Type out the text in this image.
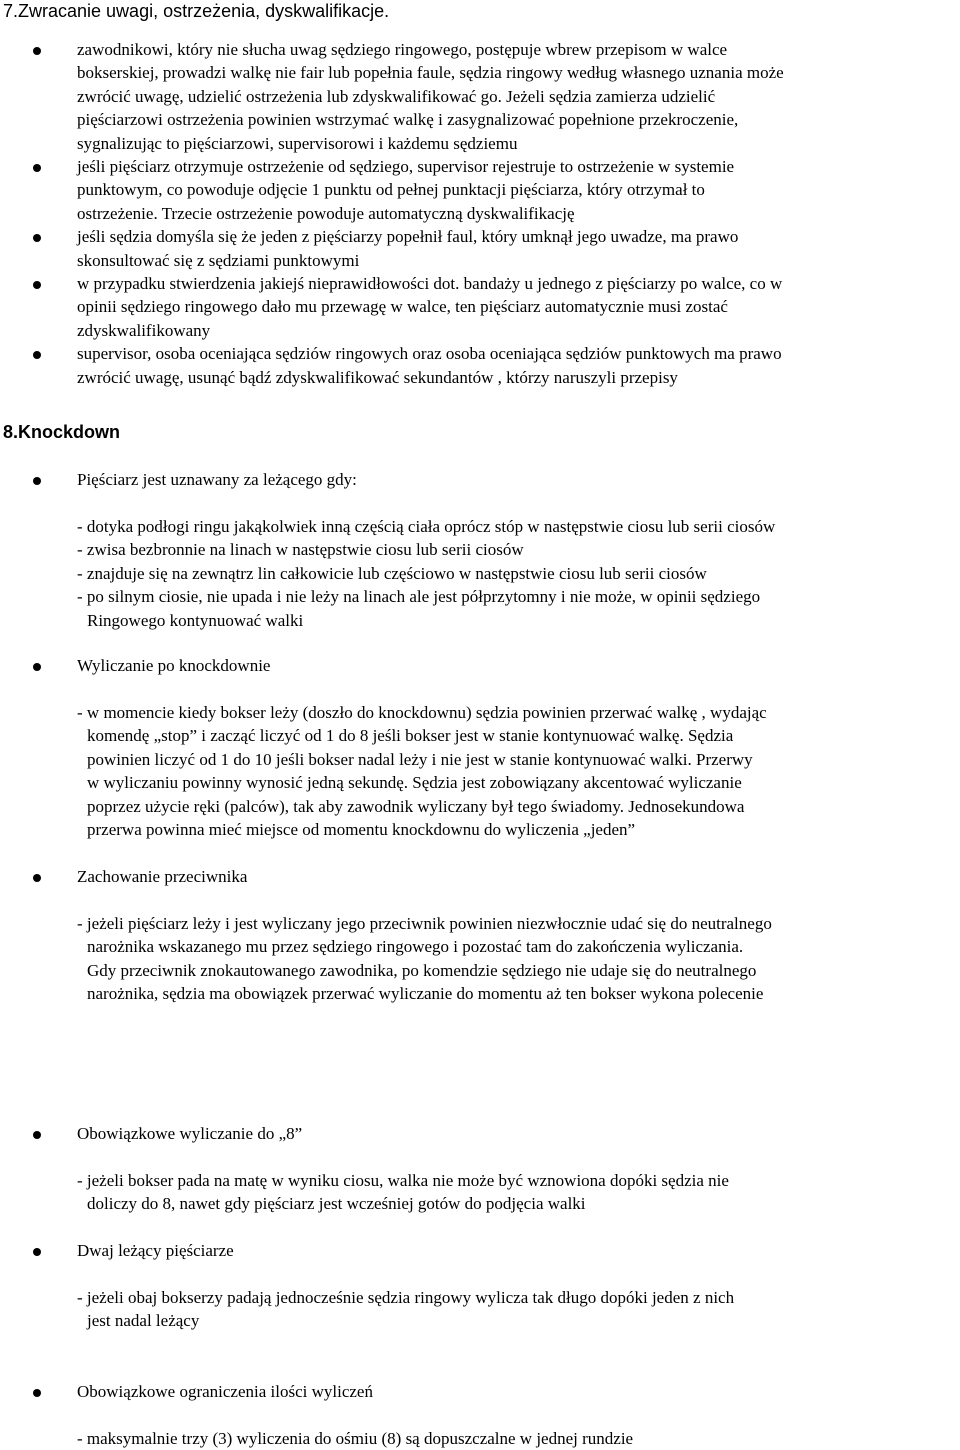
7.Zwracanie uwagi, ostrzeżenia, dyskwalifikacje.
zawodnikowi, który nie słucha uwag sędziego ringowego, postępuje wbrew przepisom w walce
bokserskiej, prowadzi walkę nie fair lub popełnia faule, sędzia ringowy według własnego uznania może
zwrócić uwagę, udzielić ostrzeżenia lub zdyskwalifikować go. Jeżeli sędzia zamierza udzielić
pięściarzowi ostrzeżenia powinien wstrzymać walkę i zasygnalizować popełnione przekroczenie,
sygnalizując to pięściarzowi, supervisorowi i każdemu sędziemu
jeśli pięściarz otrzymuje ostrzeżenie od sędziego, supervisor rejestruje to ostrzeżenie w systemie
punktowym, co powoduje odjęcie 1 punktu od pełnej punktacji pięściarza, który otrzymał to
ostrzeżenie. Trzecie ostrzeżenie powoduje automatyczną dyskwalifikację
jeśli sędzia domyśla się że jeden z pięściarzy popełnił faul, który umknął jego uwadze, ma prawo
skonsultować się z sędziami punktowymi
w przypadku stwierdzenia jakiejś nieprawidłowości dot. bandaży u jednego z pięściarzy po walce, co w
opinii sędziego ringowego dało mu przewagę w walce, ten pięściarz automatycznie musi zostać
zdyskwalifikowany
supervisor, osoba oceniająca sędziów ringowych oraz osoba oceniająca sędziów punktowych ma prawo
zwrócić uwagę, usunąć bądź zdyskwalifikować sekundantów , którzy naruszyli przepisy
8.Knockdown
Pięściarz jest uznawany za leżącego gdy:
- dotyka podłogi ringu jakąkolwiek inną częścią ciała oprócz stóp w następstwie ciosu lub serii ciosów
- zwisa bezbronnie na linach w następstwie ciosu lub serii ciosów
- znajduje się na zewnątrz lin całkowicie lub częściowo w następstwie ciosu lub serii ciosów
- po silnym ciosie, nie upada i nie leży na linach ale jest półprzytomny i nie może, w opinii sędziego
Ringowego kontynuować walki
Wyliczanie po knockdownie
- w momencie kiedy bokser leży (doszło do knockdownu) sędzia powinien przerwać walkę , wydając
komendę „stop” i zacząć liczyć od 1 do 8 jeśli bokser jest w stanie kontynuować walkę. Sędzia
powinien liczyć od 1 do 10 jeśli bokser nadal leży i nie jest w stanie kontynuować walki. Przerwy
w wyliczaniu powinny wynosić jedną sekundę. Sędzia jest zobowiązany akcentować wyliczanie
poprzez użycie ręki (palców), tak aby zawodnik wyliczany był tego świadomy. Jednosekundowa
przerwa powinna mieć miejsce od momentu knockdownu do wyliczenia „jeden”
Zachowanie przeciwnika
- jeżeli pięściarz leży i jest wyliczany jego przeciwnik powinien niezwłocznie udać się do neutralnego
narożnika wskazanego mu przez sędziego ringowego i pozostać tam do zakończenia wyliczania.
Gdy przeciwnik znokautowanego zawodnika, po komendzie sędziego nie udaje się do neutralnego
narożnika, sędzia ma obowiązek przerwać wyliczanie do momentu aż ten bokser wykona polecenie
Obowiązkowe wyliczanie do „8”
- jeżeli bokser pada na matę w wyniku ciosu, walka nie może być wznowiona dopóki sędzia nie
doliczy do 8, nawet gdy pięściarz jest wcześniej gotów do podjęcia walki
Dwaj leżący pięściarze
- jeżeli obaj bokserzy padają jednocześnie sędzia ringowy wylicza tak długo dopóki jeden z nich
jest nadal leżący
Obowiązkowe ograniczenia ilości wyliczeń
- maksymalnie trzy (3) wyliczenia do ośmiu (8) są dopuszczalne w jednej rundzie
